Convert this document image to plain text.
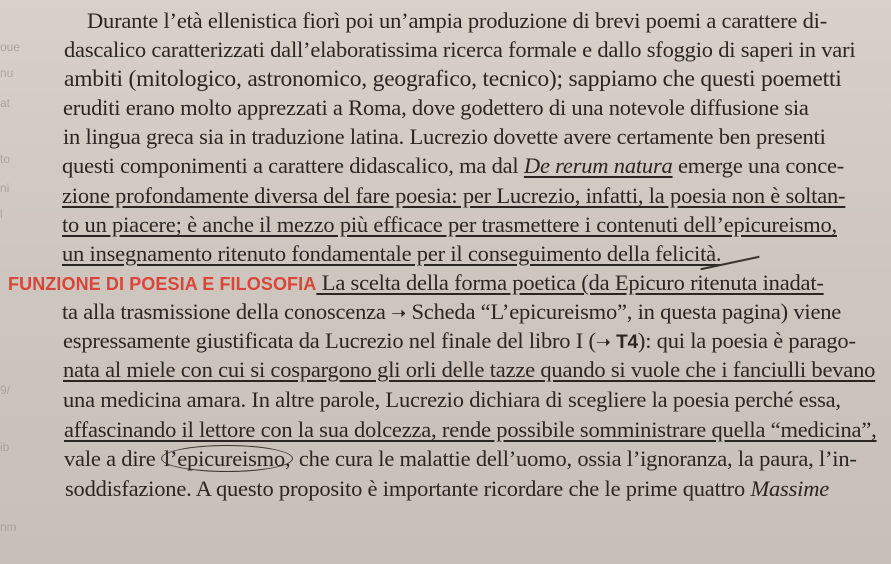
oue
nu
at
to
ni
l
9/
ib
nm
Durante l’età ellenistica fiorì poi un’ampia produzione di brevi poemi a carattere di-
dascalico caratterizzati dall’elaboratissima ricerca formale e dallo sfoggio di saperi in vari
ambiti (mitologico, astronomico, geografico, tecnico); sappiamo che questi poemetti
eruditi erano molto apprezzati a Roma, dove godettero di una notevole diffusione sia
in lingua greca sia in traduzione latina. Lucrezio dovette avere certamente ben presenti
questi componimenti a carattere didascalico, ma dal De rerum natura emerge una conce-
zione profondamente diversa del fare poesia: per Lucrezio, infatti, la poesia non è soltan-
to un piacere; è anche il mezzo più efficace per trasmettere i contenuti dell’epicureismo,
un insegnamento ritenuto fondamentale per il conseguimento della felicità.
FUNZIONE DI POESIA E FILOSOFIA La scelta della forma poetica (da Epicuro ritenuta inadat-
ta alla trasmissione della conoscenza ➝ Scheda “L’epicureismo”, in questa pagina) viene
espressamente giustificata da Lucrezio nel finale del libro I (➝ T4): qui la poesia è parago-
nata al miele con cui si cospargono gli orli delle tazze quando si vuole che i fanciulli bevano
una medicina amara. In altre parole, Lucrezio dichiara di scegliere la poesia perché essa,
affascinando il lettore con la sua dolcezza, rende possibile somministrare quella “medicina”,
vale a dire l’epicureismo, che cura le malattie dell’uomo, ossia l’ignoranza, la paura, l’in-
soddisfazione. A questo proposito è importante ricordare che le prime quattro Massime
